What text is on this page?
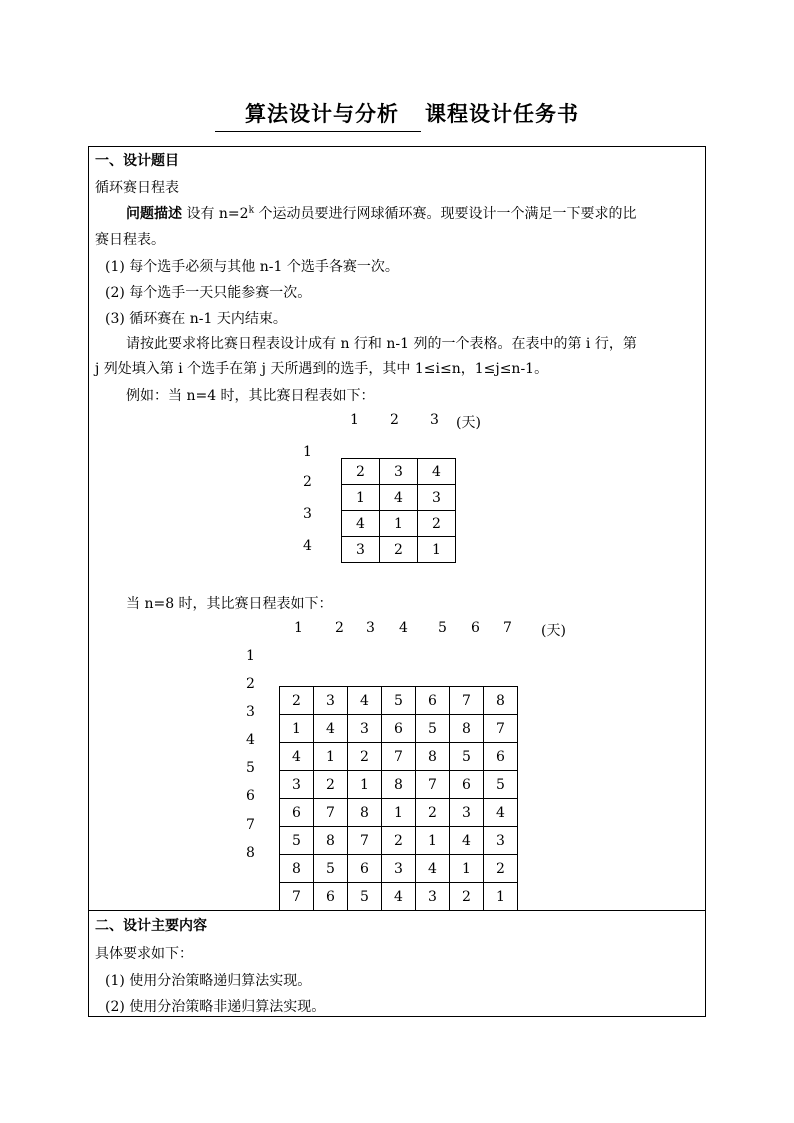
算法设计与分析 课程设计任务书
一、设计题目
循环赛日程表
问题描述 设有 $n=2^k$ 个运动员要进行网球循环赛。现要设计一个满足一下要求的比
赛日程表。
(1) 每个选手必须与其他 n-1 个选手各赛一次。
(2) 每个选手一天只能参赛一次。
(3) 循环赛在 n-1 天内结束。
请按此要求将比赛日程表设计成有 n 行和 n-1 列的一个表格。在表中的第 i 行，第
j 列处填入第 i 个选手在第 j 天所遇到的选手，其中 1≤i≤n，1≤j≤n-1。
例如：当 n=4 时，其比赛日程表如下：
1 2 3 (天)
1
2
3
4
2	3	4
1	4	3
4	1	2
3	2	1
当 n=8 时，其比赛日程表如下：
1 2 3 4 5 6 7 (天)
1
2
3
4
5
6
7
8
2	3	4	5	6	7	8
1	4	3	6	5	8	7
4	1	2	7	8	5	6
3	2	1	8	7	6	5
6	7	8	1	2	3	4
5	8	7	2	1	4	3
8	5	6	3	4	1	2
7	6	5	4	3	2	1
二、设计主要内容
具体要求如下：
(1) 使用分治策略递归算法实现。
(2) 使用分治策略非递归算法实现。
